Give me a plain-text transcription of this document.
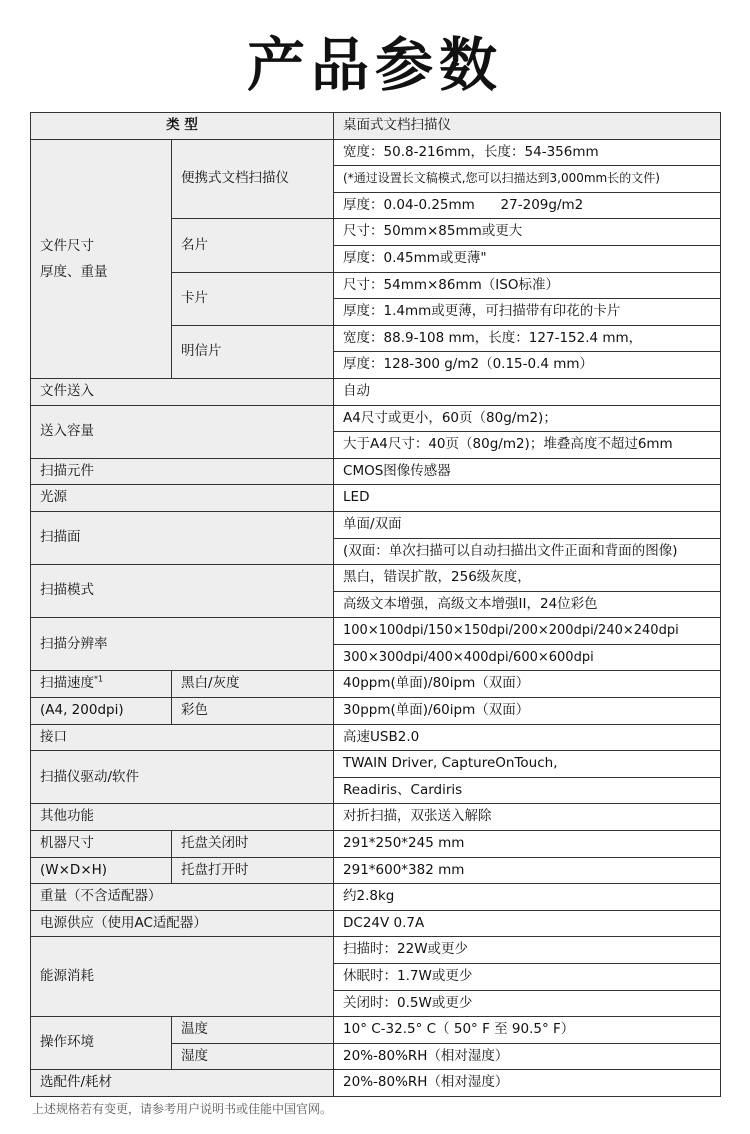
产品参数
类 型		桌面式文档扫描仪

文件尺寸
厚度、重量	便携式文档扫描仪	宽度：50.8-216mm，长度：54-356mm
		(*通过设置长文稿模式,您可以扫描达到3,000mm长的文件)
		厚度：0.04-0.25mm      27-209g/m2
	名片	尺寸：50mm×85mm或更大
		厚度：0.45mm或更薄"
	卡片	尺寸：54mm×86mm（ISO标准）
		厚度：1.4mm或更薄，可扫描带有印花的卡片
	明信片	宽度：88.9-108 mm，长度：127-152.4 mm，
		厚度：128-300 g/m2（0.15-0.4 mm）
文件送入		自动
送入容量		A4尺寸或更小，60页（80g/m2)；
		大于A4尺寸：40页（80g/m2)；堆叠高度不超过6mm
扫描元件		CMOS图像传感器
光源		LED
扫描面		单面/双面
		(双面：单次扫描可以自动扫描出文件正面和背面的图像)
扫描模式		黑白，错误扩散，256级灰度，
		高级文本增强，高级文本增强II，24位彩色
扫描分辨率		100×100dpi/150×150dpi/200×200dpi/240×240dpi
		300×300dpi/400×400dpi/600×600dpi
扫描速度$^{*1}$	黑白/灰度	40ppm(单面)/80ipm（双面）
(A4, 200dpi)	彩色	30ppm(单面)/60ipm（双面）
接口		高速USB2.0
扫描仪驱动/软件		TWAIN Driver, CaptureOnTouch,
		Readiris、Cardiris
其他功能		对折扫描，双张送入解除
机器尺寸	托盘关闭时	291*250*245 mm
(W×D×H)	托盘打开时	291*600*382 mm
重量（不含适配器）		约2.8kg
电源供应（使用AC适配器）		DC24V 0.7A
能源消耗		扫描时：22W或更少
		休眠时：1.7W或更少
		关闭时：0.5W或更少
操作环境	温度	10° C-32.5° C（ 50° F 至 90.5° F）
	湿度	20%-80%RH（相对湿度）
选配件/耗材		20%-80%RH（相对湿度）
上述规格若有变更，请参考用户说明书或佳能中国官网。
